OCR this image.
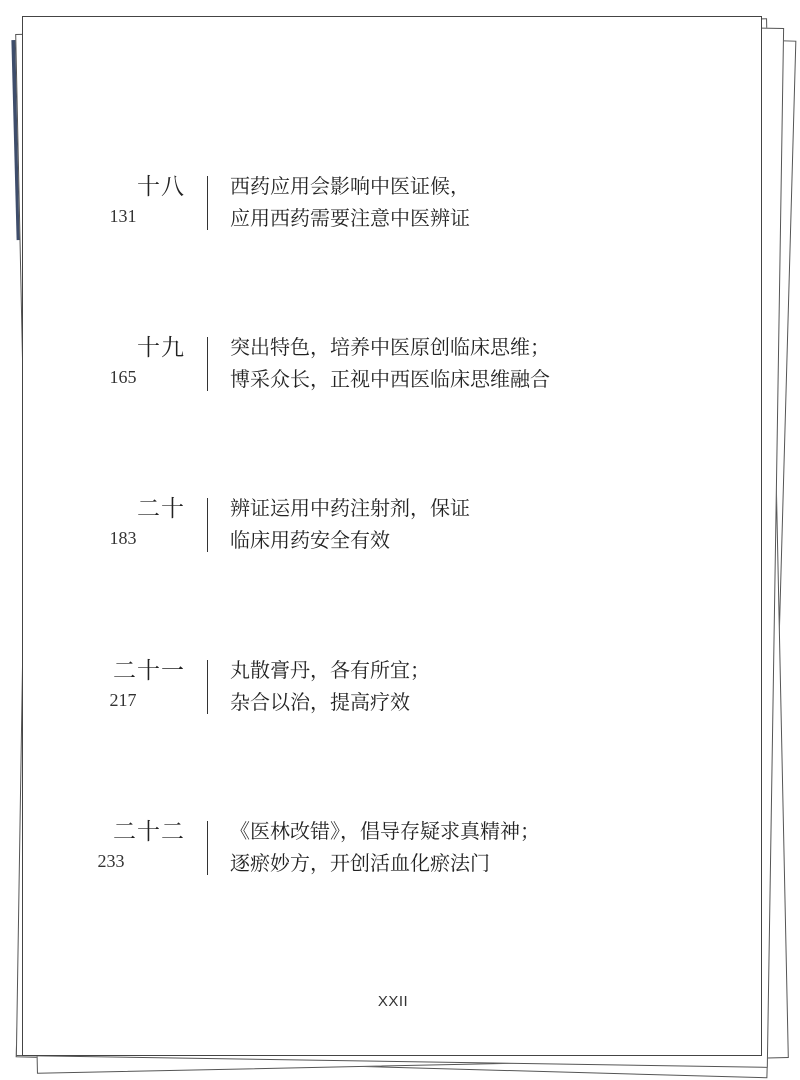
十八
131
西药应用会影响中医证候，
应用西药需要注意中医辨证
十九
165
突出特色，培养中医原创临床思维；
博采众长，正视中西医临床思维融合
二十
183
辨证运用中药注射剂，保证
临床用药安全有效
二十一
217
丸散膏丹，各有所宜；
杂合以治，提高疗效
二十二
233
《医林改错》，倡导存疑求真精神；
逐瘀妙方，开创活血化瘀法门
XXII
